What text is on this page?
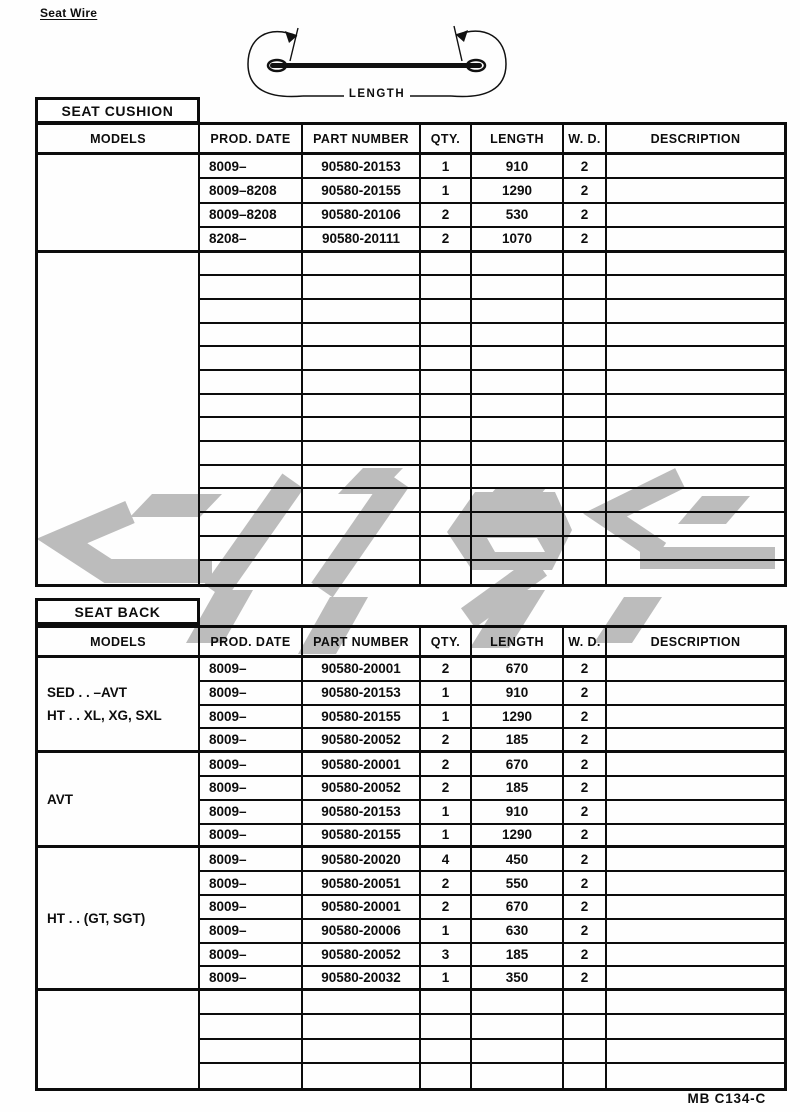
Seat Wire
MB C134-C
LENGTH
SEAT CUSHION
MODELS	PROD. DATE	PART NUMBER	QTY.	LENGTH	W. D.	DESCRIPTION
8009–	90580-20153	1	910	2
8009–8208	90580-20155	1	1290	2
8009–8208	90580-20106	2	530	2
8208–	90580-20111	2	1070	2
SEAT BACK
MODELS	PROD. DATE	PART NUMBER	QTY.	LENGTH	W. D.	DESCRIPTION
SED . . –AVT
HT . . XL, XG, SXL
8009–	90580-20001	2	670	2
8009–	90580-20153	1	910	2
8009–	90580-20155	1	1290	2
8009–	90580-20052	2	185	2
AVT
8009–	90580-20001	2	670	2
8009–	90580-20052	2	185	2
8009–	90580-20153	1	910	2
8009–	90580-20155	1	1290	2
HT . . (GT, SGT)
8009–	90580-20020	4	450	2
8009–	90580-20051	2	550	2
8009–	90580-20001	2	670	2
8009–	90580-20006	1	630	2
8009–	90580-20052	3	185	2
8009–	90580-20032	1	350	2
